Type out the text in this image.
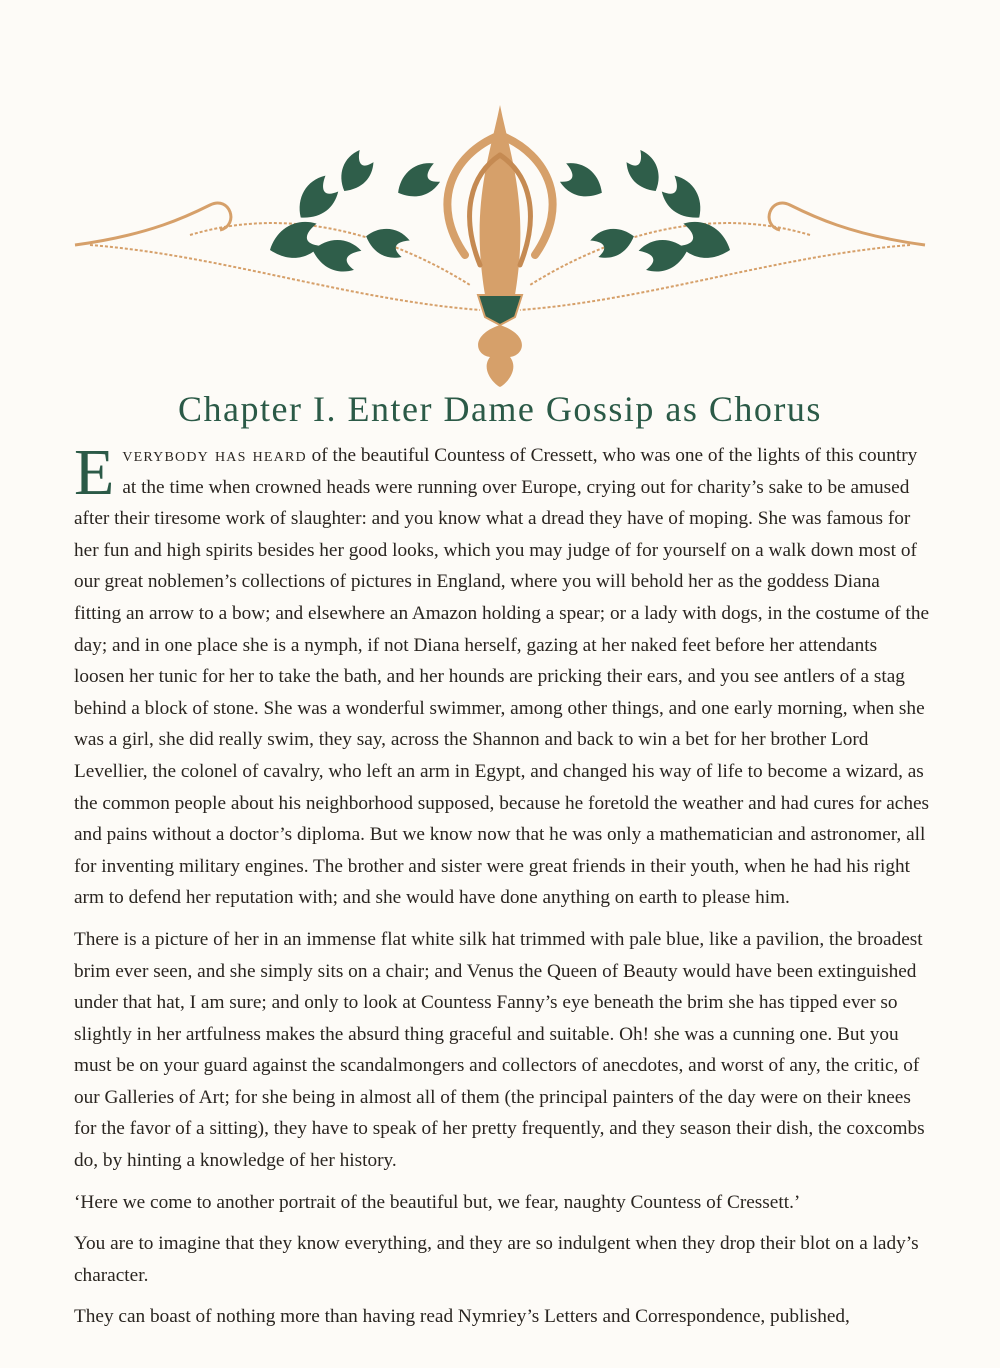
Chapter I. Enter Dame Gossip as Chorus

Everybody has heard of the beautiful Countess of Cressett, who was one of the lights of this country at the time when crowned heads were running over Europe, crying out for charity’s sake to be amused after their tiresome work of slaughter: and you know what a dread they have of moping. She was famous for her fun and high spirits besides her good looks, which you may judge of for yourself on a walk down most of our great noblemen’s collections of pictures in England, where you will behold her as the goddess Diana fitting an arrow to a bow; and elsewhere an Amazon holding a spear; or a lady with dogs, in the costume of the day; and in one place she is a nymph, if not Diana herself, gazing at her naked feet before her attendants loosen her tunic for her to take the bath, and her hounds are pricking their ears, and you see antlers of a stag behind a block of stone. She was a wonderful swimmer, among other things, and one early morning, when she was a girl, she did really swim, they say, across the Shannon and back to win a bet for her brother Lord Levellier, the colonel of cavalry, who left an arm in Egypt, and changed his way of life to become a wizard, as the common people about his neighborhood supposed, because he foretold the weather and had cures for aches and pains without a doctor’s diploma. But we know now that he was only a mathematician and astronomer, all for inventing military engines. The brother and sister were great friends in their youth, when he had his right arm to defend her reputation with; and she would have done anything on earth to please him.

There is a picture of her in an immense flat white silk hat trimmed with pale blue, like a pavilion, the broadest brim ever seen, and she simply sits on a chair; and Venus the Queen of Beauty would have been extinguished under that hat, I am sure; and only to look at Countess Fanny’s eye beneath the brim she has tipped ever so slightly in her artfulness makes the absurd thing graceful and suitable. Oh! she was a cunning one. But you must be on your guard against the scandalmongers and collectors of anecdotes, and worst of any, the critic, of our Galleries of Art; for she being in almost all of them (the principal painters of the day were on their knees for the favor of a sitting), they have to speak of her pretty frequently, and they season their dish, the coxcombs do, by hinting a knowledge of her history.

‘Here we come to another portrait of the beautiful but, we fear, naughty Countess of Cressett.’

You are to imagine that they know everything, and they are so indulgent when they drop their blot on a lady’s character.

They can boast of nothing more than having read Nymriey’s Letters and Correspondence, published,
